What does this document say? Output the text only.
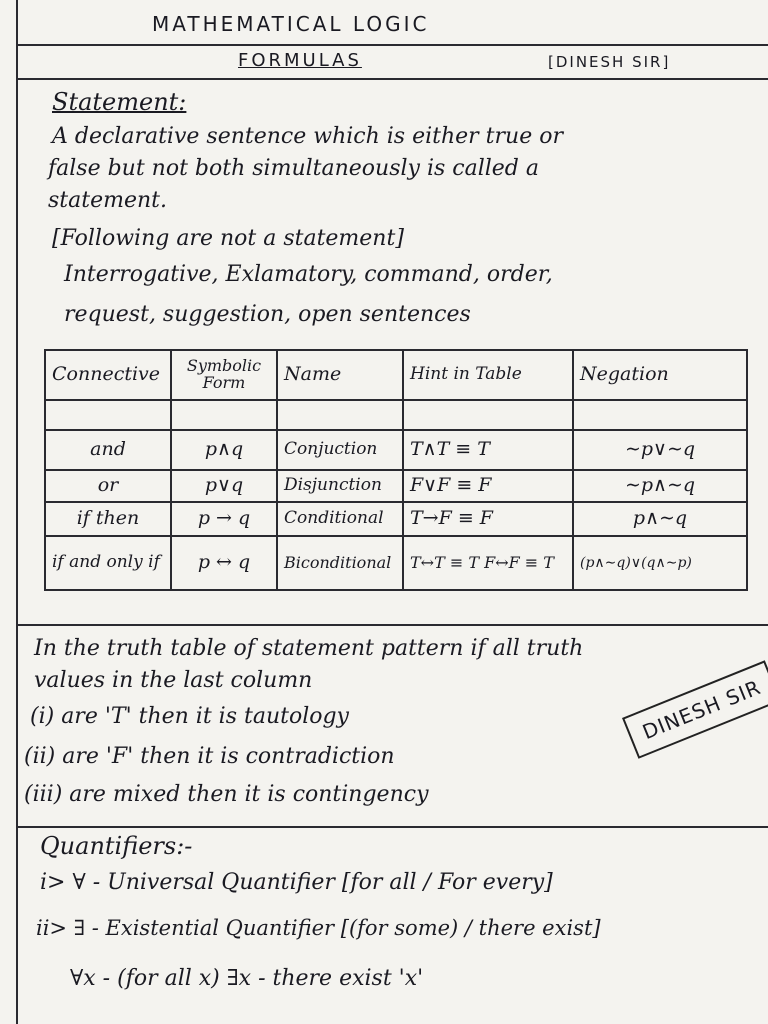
MATHEMATICAL LOGIC
FORMULAS	[DINESH SIR]
Statement:
A declarative sentence which is either true or
false but not both simultaneously is called a
statement.
[Following are not a statement]
Interrogative, Exlamatory, command, order,
request, suggestion, open sentences
Connective	Symbolic Form	Name	Hint in Table	Negation

and	p∧q	Conjuction	T∧T ≡ T	∼p∨∼q
or	p∨q	Disjunction	F∨F ≡ F	∼p∧∼q
if then	p → q	Conditional	T→F ≡ F	p∧∼q
if and only if	p ↔ q	Biconditional	T↔T ≡ T F↔F ≡ T	(p∧∼q)∨(q∧∼p)
In the truth table of statement pattern if all truth
values in the last column
(i) are 'T' then it is tautology
(ii) are 'F' then it is contradiction
(iii) are mixed then it is contingency
DINESH SIR
Quantifiers:-
i> ∀ - Universal Quantifier [for all / For every]
ii> ∃ - Existential Quantifier [(for some) / there exist]
∀x - (for all x) ∃x - there exist 'x'
